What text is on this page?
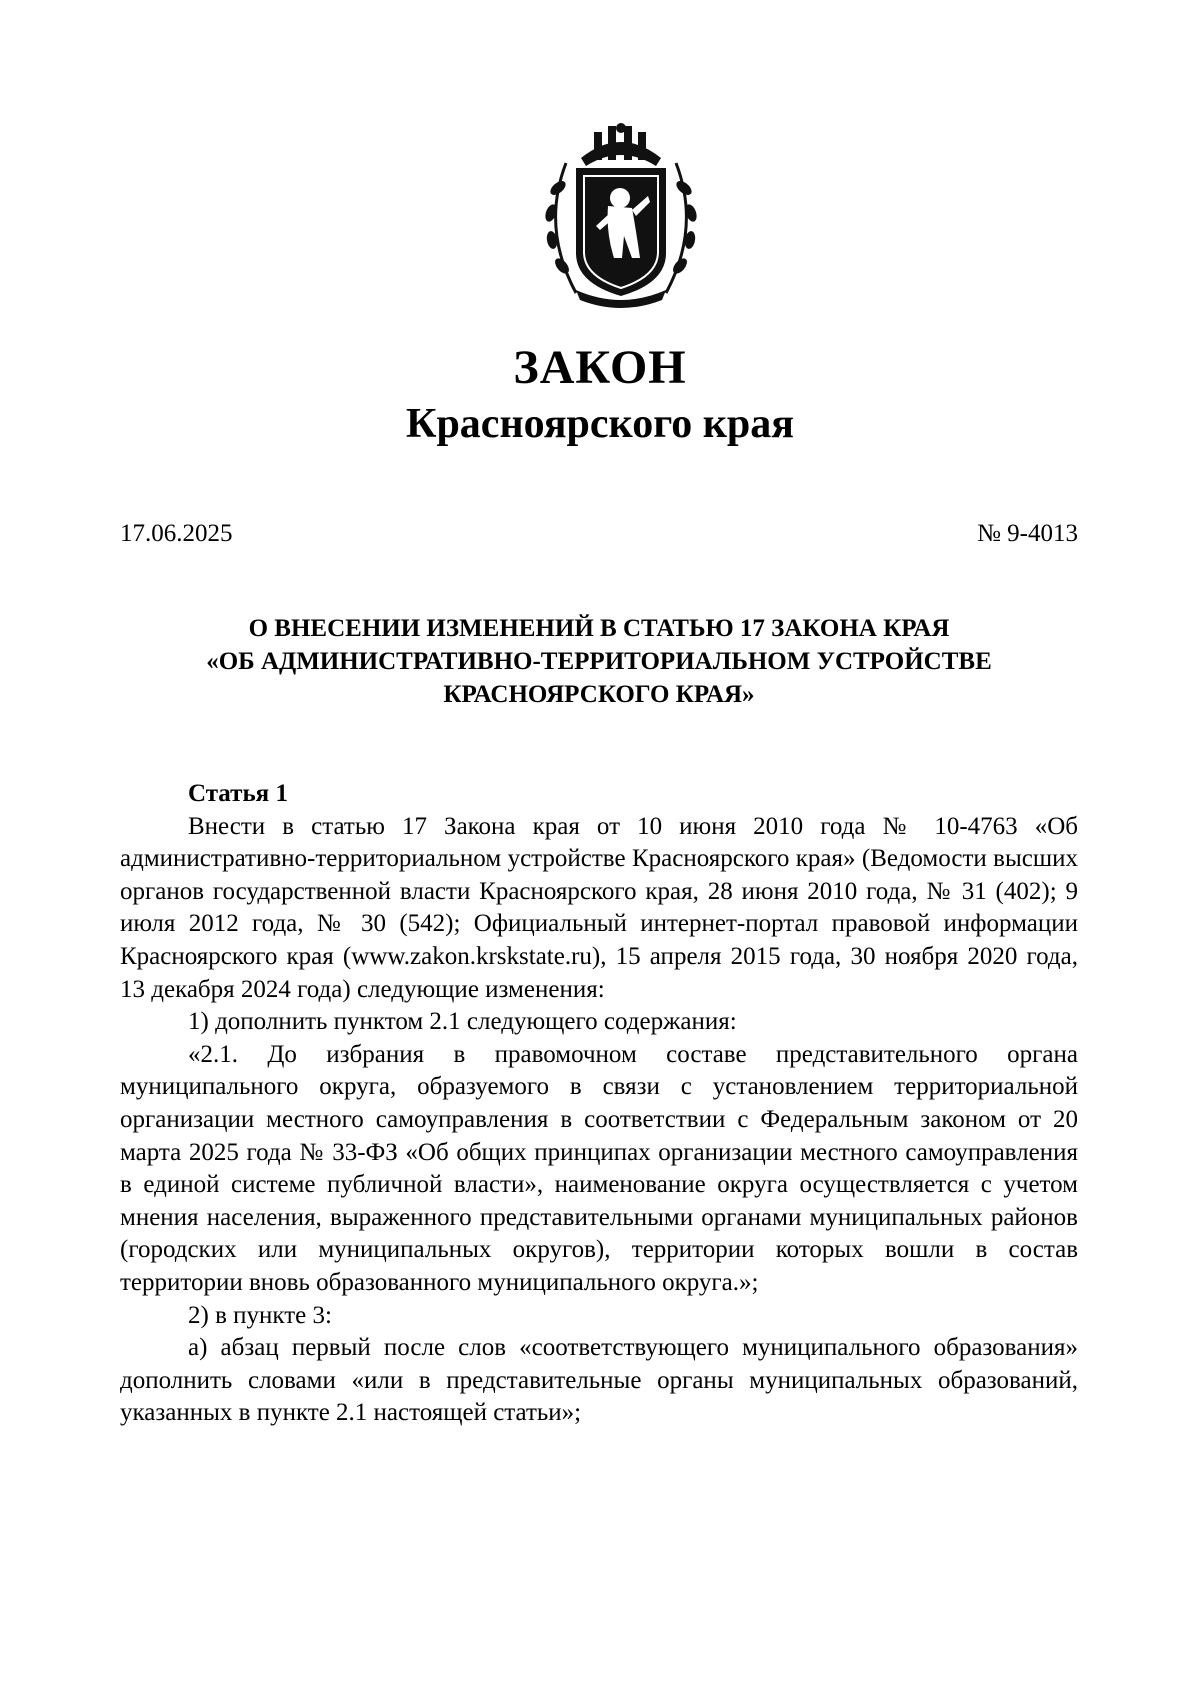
ЗАКОН
Красноярского края
17.06.2025	№ 9-4013
О ВНЕСЕНИИ ИЗМЕНЕНИЙ В СТАТЬЮ 17 ЗАКОНА КРАЯ
«ОБ АДМИНИСТРАТИВНО-ТЕРРИТОРИАЛЬНОМ УСТРОЙСТВЕ
КРАСНОЯРСКОГО КРАЯ»

Статья 1

Внести в статью 17 Закона края от 10 июня 2010 года № 10-4763 «Об административно-территориальном устройстве Красноярского края» (Ведомости высших органов государственной власти Красноярского края, 28 июня 2010 года, № 31 (402); 9 июля 2012 года, № 30 (542); Официальный интернет-портал правовой информации Красноярского края (www.zakon.krskstate.ru), 15 апреля 2015 года, 30 ноября 2020 года, 13 декабря 2024 года) следующие изменения:

1) дополнить пунктом 2.1 следующего содержания:

«2.1. До избрания в правомочном составе представительного органа муниципального округа, образуемого в связи с установлением территориальной организации местного самоуправления в соответствии с Федеральным законом от 20 марта 2025 года № 33-ФЗ «Об общих принципах организации местного самоуправления в единой системе публичной власти», наименование округа осуществляется с учетом мнения населения, выраженного представительными органами муниципальных районов (городских или муниципальных округов), территории которых вошли в состав территории вновь образованного муниципального округа.»;

2) в пункте 3:

а) абзац первый после слов «соответствующего муниципального образования» дополнить словами «или в представительные органы муниципальных образований, указанных в пункте 2.1 настоящей статьи»;
